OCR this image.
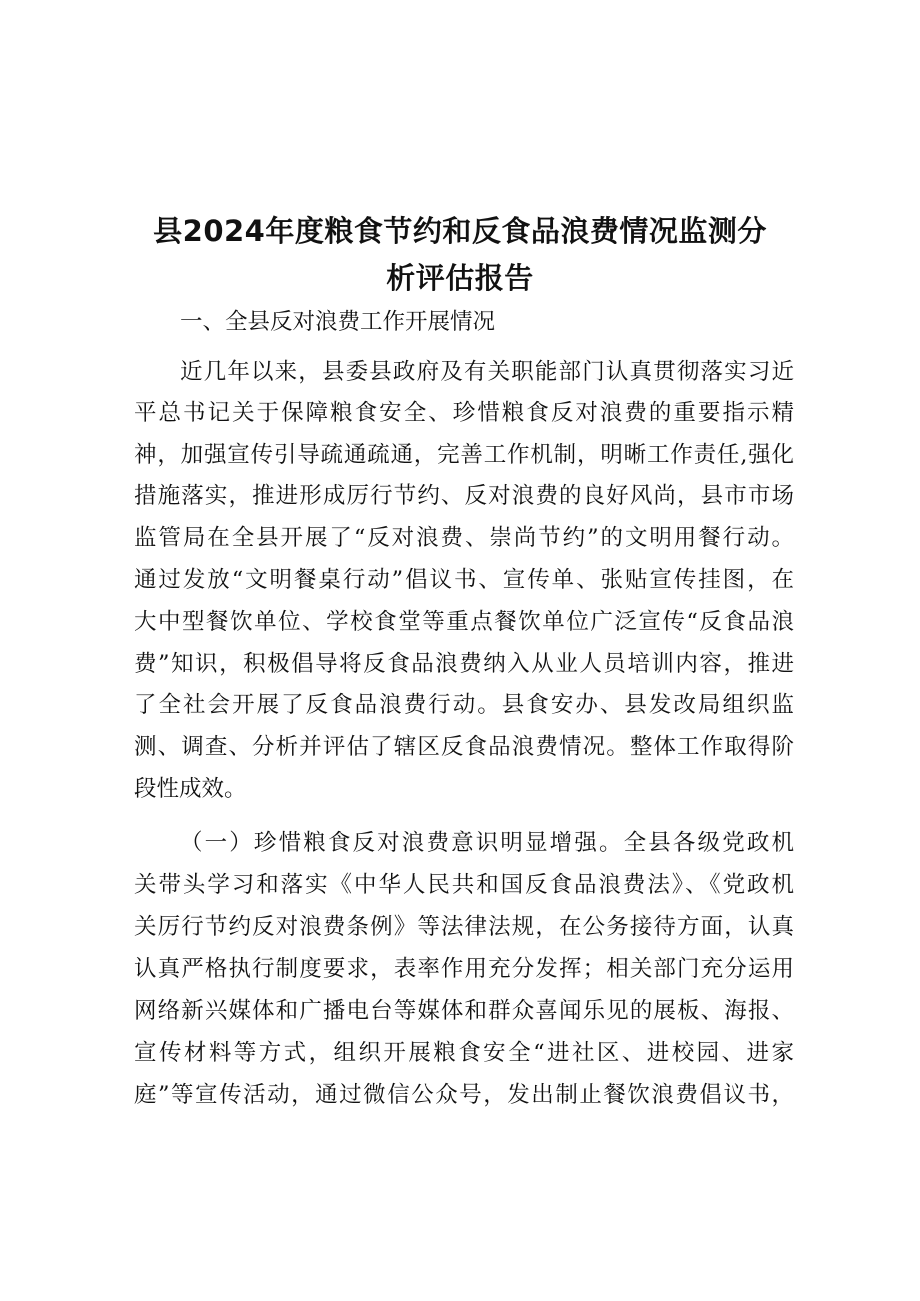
县2024年度粮食节约和反食品浪费情况监测分
析评估报告

一、全县反对浪费工作开展情况

近几年以来，县委县政府及有关职能部门认真贯彻落实习近

平总书记关于保障粮食安全、珍惜粮食反对浪费的重要指示精

神，加强宣传引导疏通疏通，完善工作机制，明晰工作责任,强化

措施落实，推进形成厉行节约、反对浪费的良好风尚，县市市场

监管局在全县开展了“反对浪费、崇尚节约”的文明用餐行动。

通过发放“文明餐桌行动”倡议书、宣传单、张贴宣传挂图，在

大中型餐饮单位、学校食堂等重点餐饮单位广泛宣传“反食品浪

费”知识，积极倡导将反食品浪费纳入从业人员培训内容，推进

了全社会开展了反食品浪费行动。县食安办、县发改局组织监

测、调查、分析并评估了辖区反食品浪费情况。整体工作取得阶

段性成效。

（一）珍惜粮食反对浪费意识明显增强。全县各级党政机

关带头学习和落实《中华人民共和国反食品浪费法》、《党政机

关厉行节约反对浪费条例》等法律法规，在公务接待方面，认真

认真严格执行制度要求，表率作用充分发挥；相关部门充分运用

网络新兴媒体和广播电台等媒体和群众喜闻乐见的展板、海报、

宣传材料等方式，组织开展粮食安全“进社区、进校园、进家

庭”等宣传活动，通过微信公众号，发出制止餐饮浪费倡议书，
